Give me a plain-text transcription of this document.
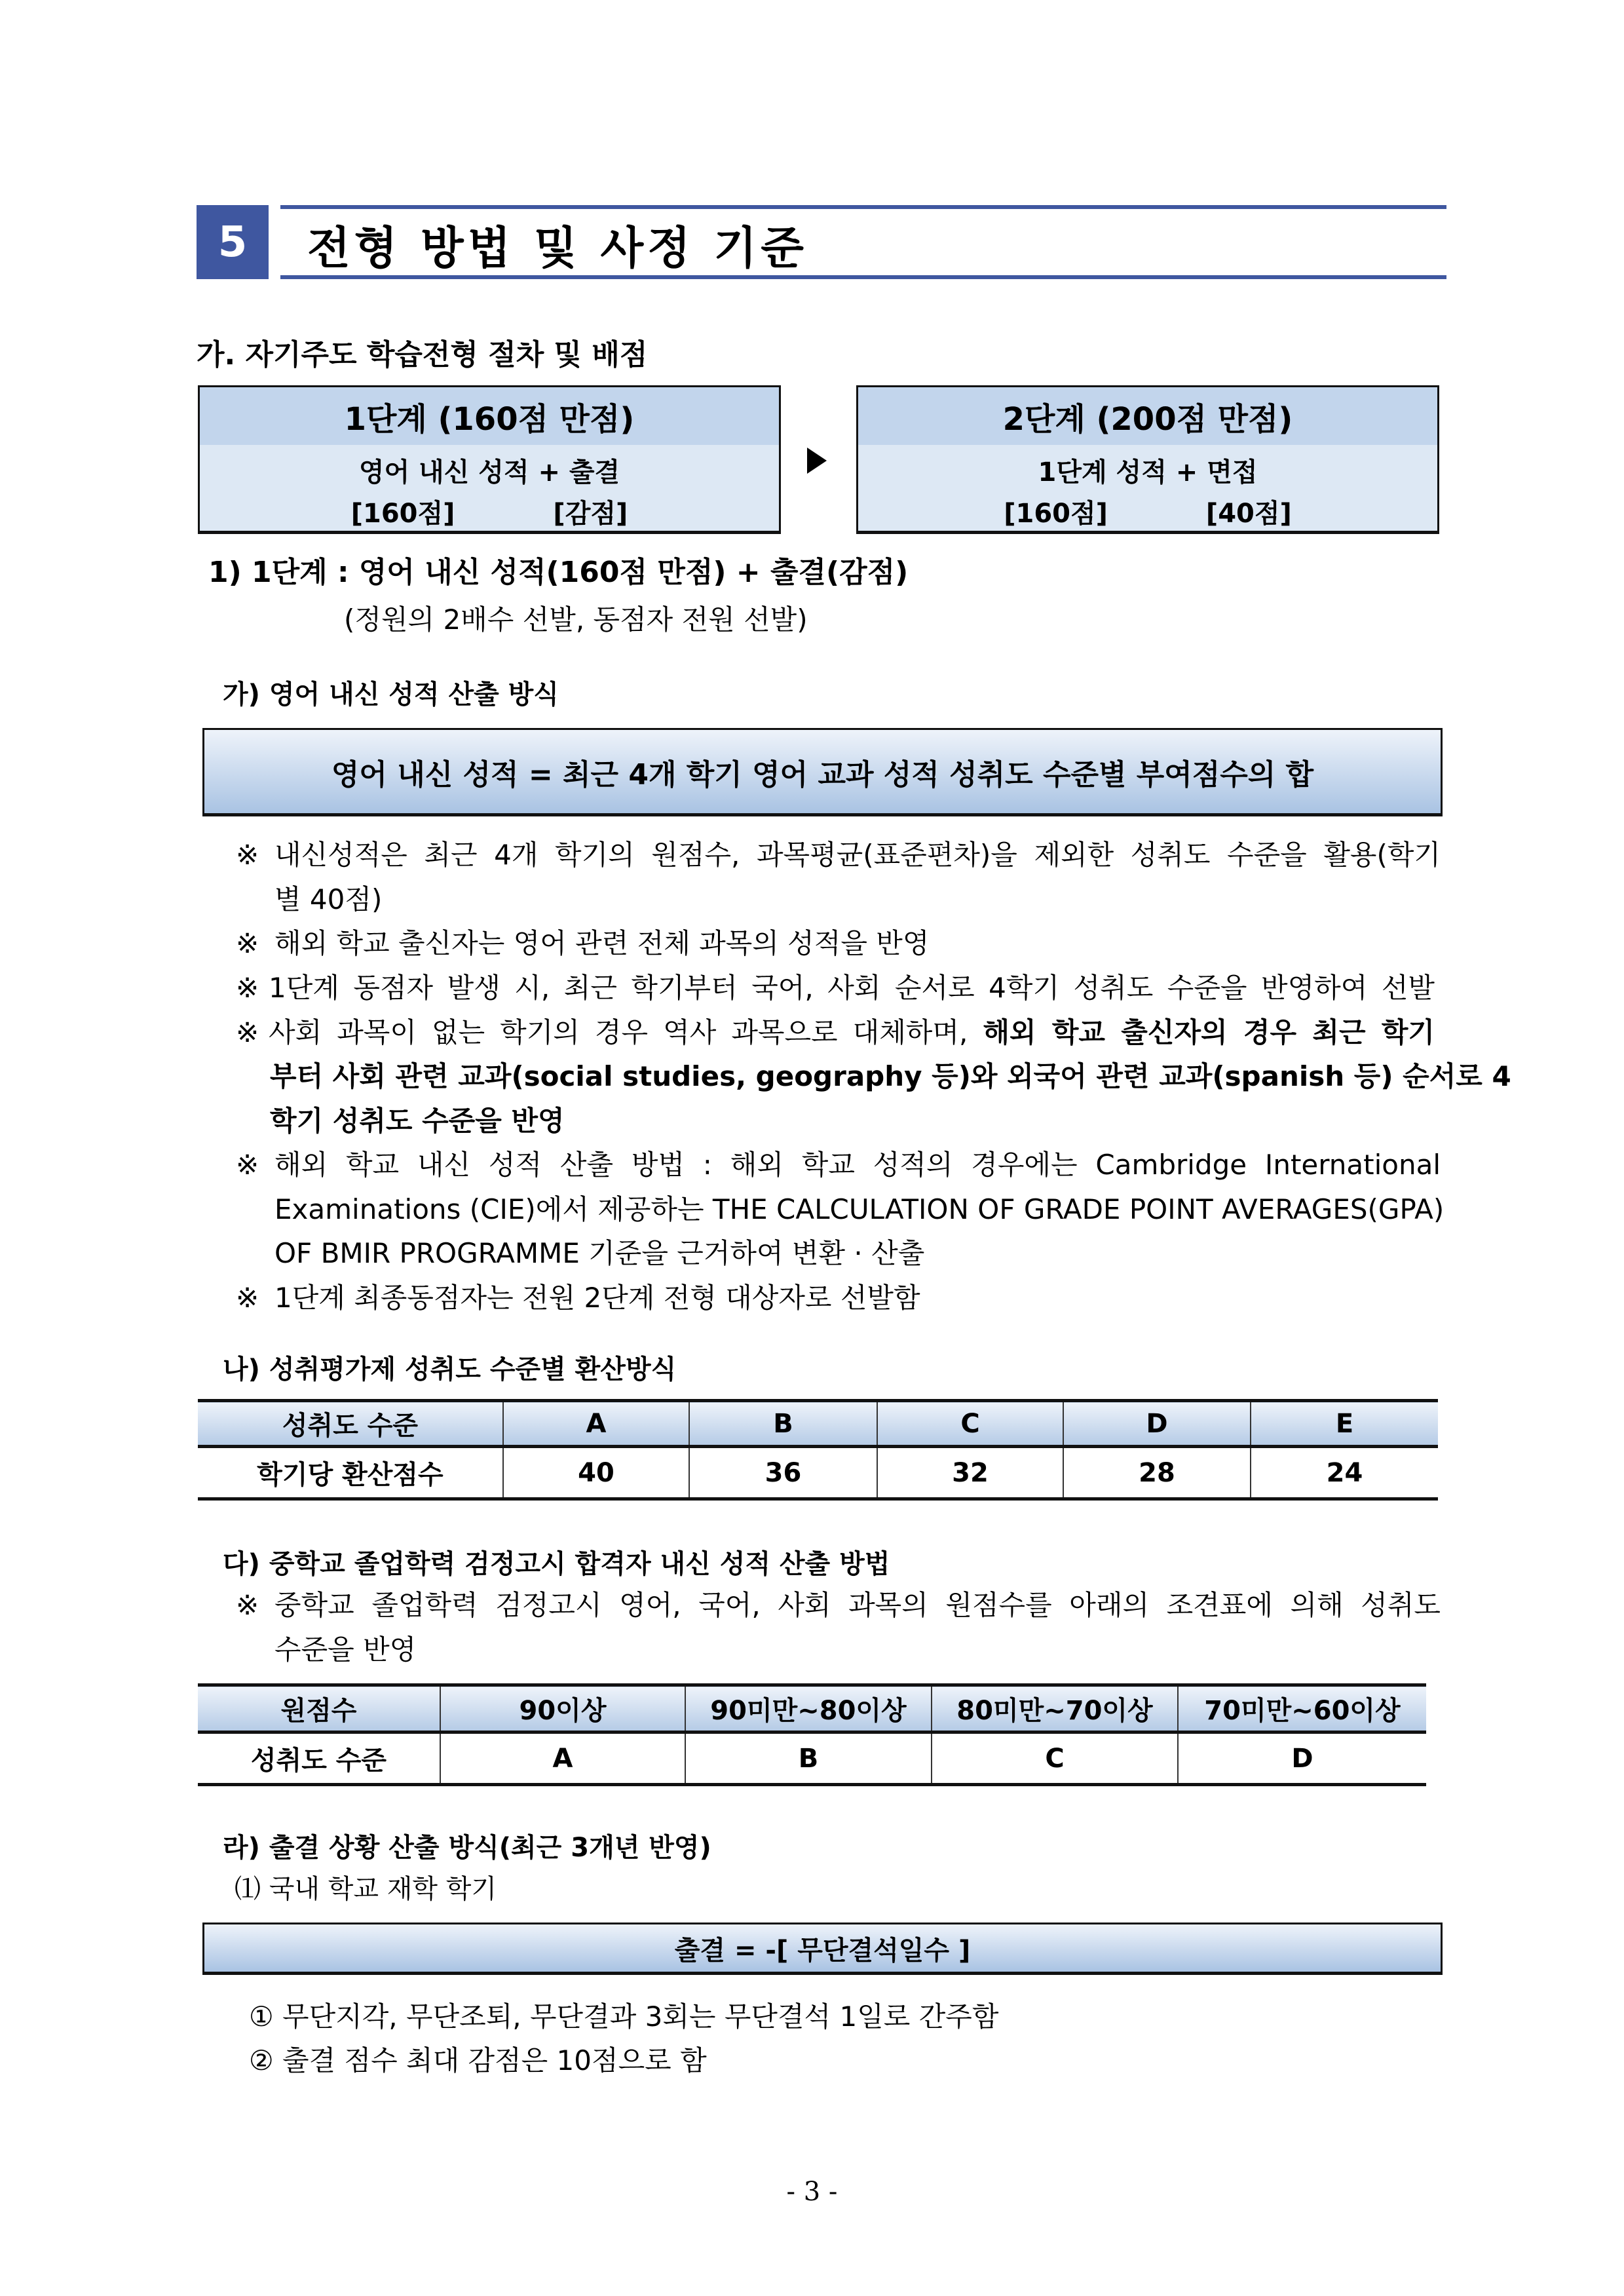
5	전형 방법 및 사정 기준
가. 자기주도 학습전형 절차 및 배점
1단계 (160점 만점)
영어 내신 성적 + 출결
[160점]	[감점]
2단계 (200점 만점)
1단계 성적 + 면접
[160점]	[40점]
1) 1단계 : 영어 내신 성적(160점 만점) + 출결(감점)
(정원의 2배수 선발, 동점자 전원 선발)
가) 영어 내신 성적 산출 방식
영어 내신 성적 = 최근 4개 학기 영어 교과 성적 성취도 수준별 부여점수의 합
※ 내신성적은 최근 4개 학기의 원점수, 과목평균(표준편차)을 제외한 성취도 수준을 활용(학기
별 40점)
※ 해외 학교 출신자는 영어 관련 전체 과목의 성적을 반영
※ 1단계 동점자 발생 시, 최근 학기부터 국어, 사회 순서로 4학기 성취도 수준을 반영하여 선발
※ 사회 과목이 없는 학기의 경우 역사 과목으로 대체하며, 해외 학교 출신자의 경우 최근 학기
부터 사회 관련 교과(social studies, geography 등)와 외국어 관련 교과(spanish 등) 순서로 4
학기 성취도 수준을 반영
※ 해외 학교 내신 성적 산출 방법 : 해외 학교 성적의 경우에는 Cambridge International
Examinations (CIE)에서 제공하는 THE CALCULATION OF GRADE POINT AVERAGES(GPA)
OF BMIR PROGRAMME 기준을 근거하여 변환 · 산출
※ 1단계 최종동점자는 전원 2단계 전형 대상자로 선발함
나) 성취평가제 성취도 수준별 환산방식
성취도 수준	A	B	C	D	E
학기당 환산점수	40	36	32	28	24
다) 중학교 졸업학력 검정고시 합격자 내신 성적 산출 방법
※ 중학교 졸업학력 검정고시 영어, 국어, 사회 과목의 원점수를 아래의 조견표에 의해 성취도
수준을 반영
원점수	90이상	90미만~80이상	80미만~70이상	70미만~60이상
성취도 수준	A	B	C	D
라) 출결 상황 산출 방식(최근 3개년 반영)
⑴ 국내 학교 재학 학기
출결 = -[ 무단결석일수 ]
① 무단지각, 무단조퇴, 무단결과 3회는 무단결석 1일로 간주함
② 출결 점수 최대 감점은 10점으로 함
- 3 -
